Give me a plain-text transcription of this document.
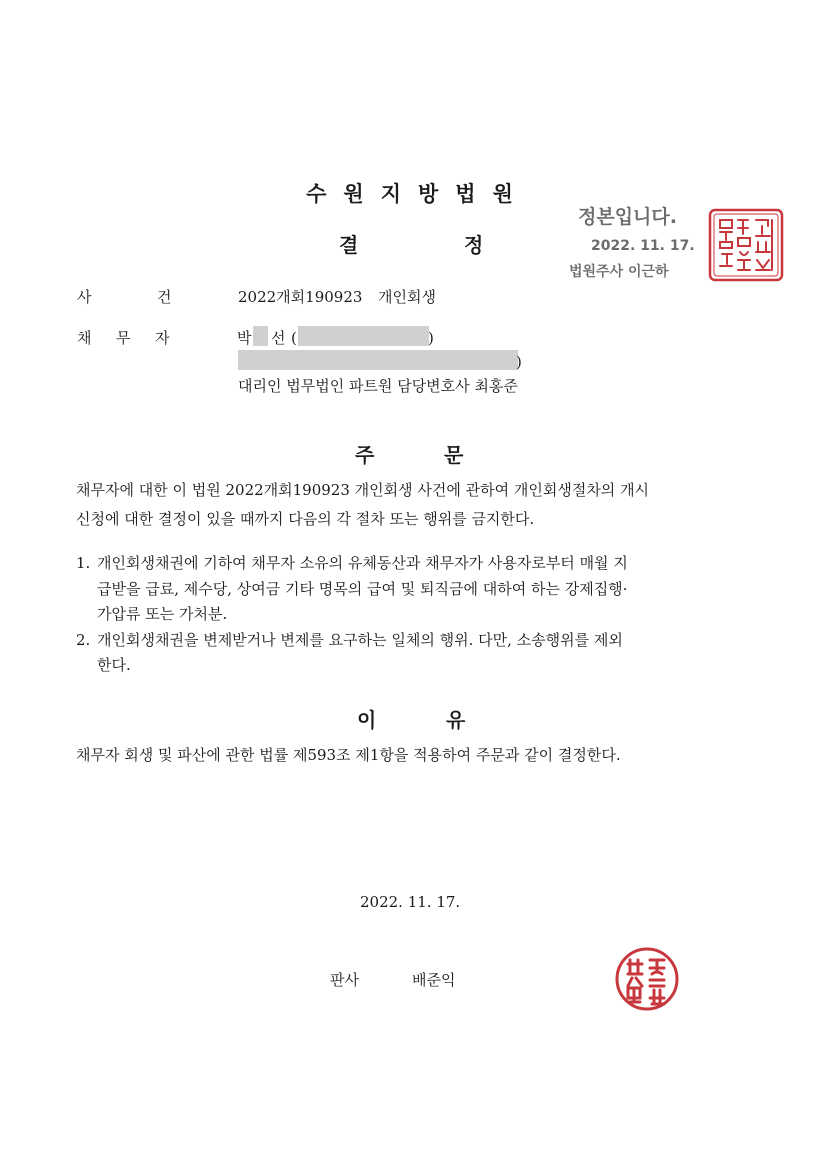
수원지방법원
결	정
정본입니다.
2022. 11. 17.
법원주사 이근하
사	건	2022개회190923 개인회생
채 무 자	박 선 (	)
)
대리인 법무법인 파트원 담당변호사 최홍준
주	문
채무자에 대한 이 법원 2022개회190923 개인회생 사건에 관하여 개인회생절차의 개시
신청에 대한 결정이 있을 때까지 다음의 각 절차 또는 행위를 금지한다.
1. 개인회생채권에 기하여 채무자 소유의 유체동산과 채무자가 사용자로부터 매월 지
급받을 급료, 제수당, 상여금 기타 명목의 급여 및 퇴직금에 대하여 하는 강제집행·
가압류 또는 가처분.
2. 개인회생채권을 변제받거나 변제를 요구하는 일체의 행위. 다만, 소송행위를 제외
한다.
이	유
채무자 회생 및 파산에 관한 법률 제593조 제1항을 적용하여 주문과 같이 결정한다.
2022. 11. 17.
판사	배준익
